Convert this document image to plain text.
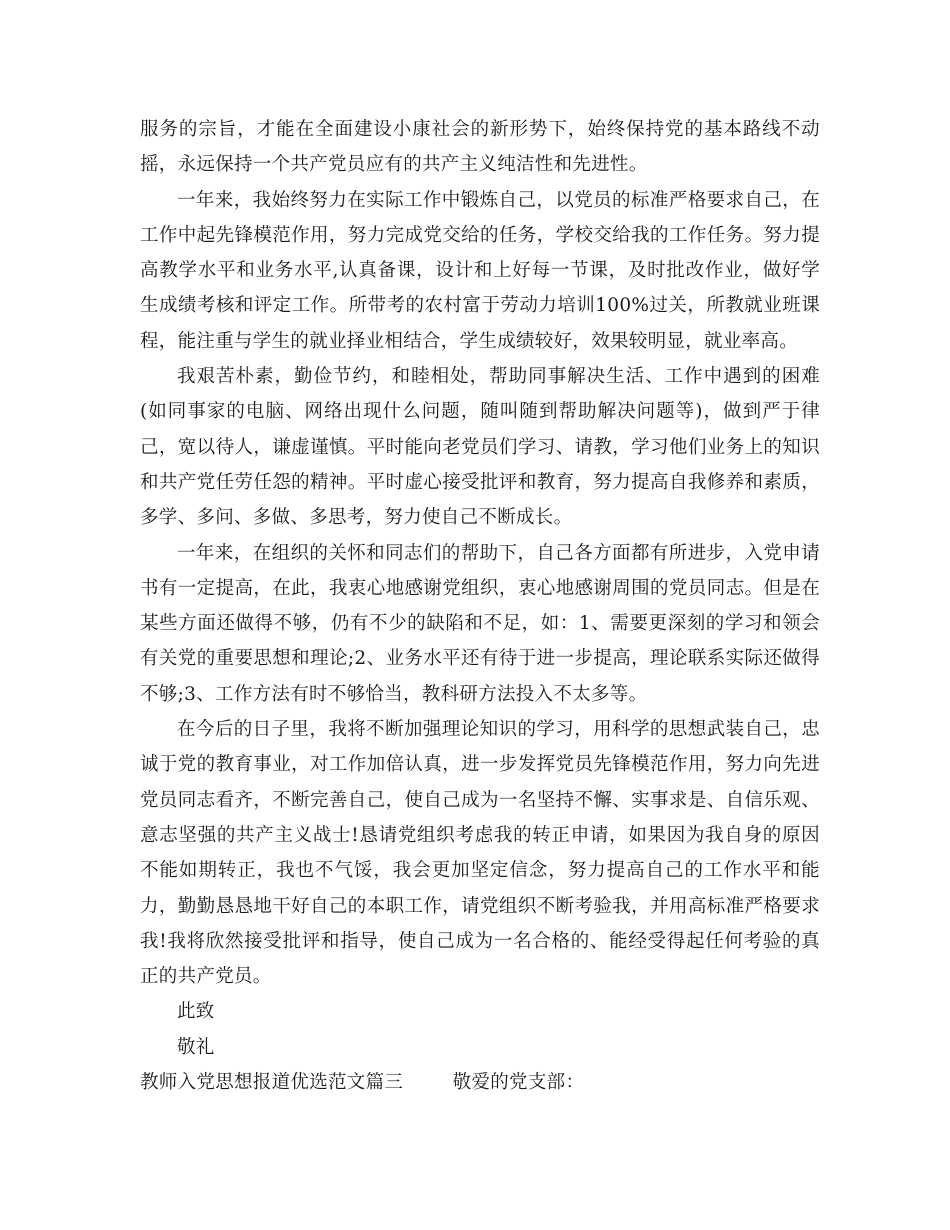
服务的宗旨，才能在全面建设小康社会的新形势下，始终保持党的基本路线不动摇，永远保持一个共产党员应有的共产主义纯洁性和先进性。

一年来，我始终努力在实际工作中锻炼自己，以党员的标准严格要求自己，在工作中起先锋模范作用，努力完成党交给的任务，学校交给我的工作任务。努力提高教学水平和业务水平,认真备课，设计和上好每一节课，及时批改作业，做好学生成绩考核和评定工作。所带考的农村富于劳动力培训100%过关，所教就业班课程，能注重与学生的就业择业相结合，学生成绩较好，效果较明显，就业率高。

我艰苦朴素，勤俭节约，和睦相处，帮助同事解决生活、工作中遇到的困难(如同事家的电脑、网络出现什么问题，随叫随到帮助解决问题等)，做到严于律己，宽以待人，谦虚谨慎。平时能向老党员们学习、请教，学习他们业务上的知识和共产党任劳任怨的精神。平时虚心接受批评和教育，努力提高自我修养和素质，多学、多问、多做、多思考，努力使自己不断成长。

一年来，在组织的关怀和同志们的帮助下，自己各方面都有所进步，入党申请书有一定提高，在此，我衷心地感谢党组织，衷心地感谢周围的党员同志。但是在某些方面还做得不够，仍有不少的缺陷和不足，如：1、需要更深刻的学习和领会有关党的重要思想和理论;2、业务水平还有待于进一步提高，理论联系实际还做得不够;3、工作方法有时不够恰当，教科研方法投入不太多等。

在今后的日子里，我将不断加强理论知识的学习，用科学的思想武装自己，忠诚于党的教育事业，对工作加倍认真，进一步发挥党员先锋模范作用，努力向先进党员同志看齐，不断完善自己，使自己成为一名坚持不懈、实事求是、自信乐观、意志坚强的共产主义战士!恳请党组织考虑我的转正申请，如果因为我自身的原因不能如期转正，我也不气馁，我会更加坚定信念，努力提高自己的工作水平和能力，勤勤恳恳地干好自己的本职工作，请党组织不断考验我，并用高标准严格要求我!我将欣然接受批评和指导，使自己成为一名合格的、能经受得起任何考验的真正的共产党员。

此致

敬礼

教师入党思想报道优选范文篇三	敬爱的党支部：
